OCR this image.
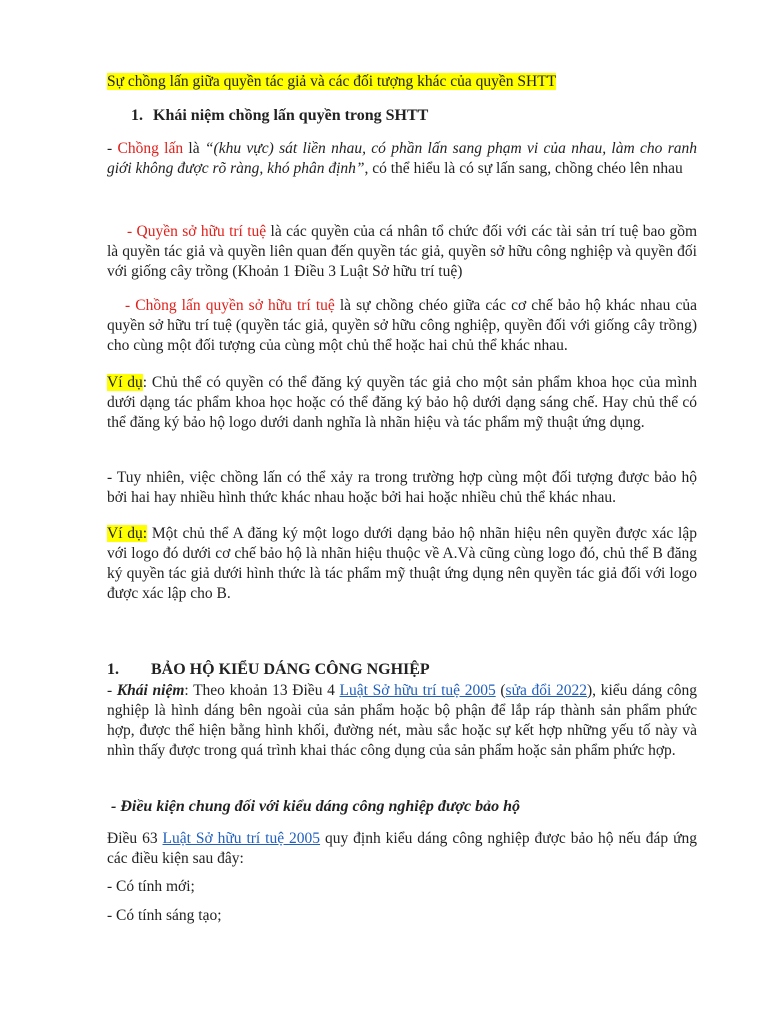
Sự chồng lấn giữa quyền tác giả và các đối tượng khác của quyền SHTT
1. Khái niệm chồng lấn quyền trong SHTT
- Chồng lấn là “(khu vực) sát liền nhau, có phần lấn sang phạm vi của nhau, làm cho ranh giới không được rõ ràng, khó phân định”, có thể hiểu là có sự lấn sang, chồng chéo lên nhau
- Quyền sở hữu trí tuệ là các quyền của cá nhân tổ chức đối với các tài sản trí tuệ bao gồm là quyền tác giả và quyền liên quan đến quyền tác giả, quyền sở hữu công nghiệp và quyền đối với giống cây trồng (Khoản 1 Điều 3 Luật Sở hữu trí tuệ)
- Chồng lấn quyền sở hữu trí tuệ là sự chồng chéo giữa các cơ chế bảo hộ khác nhau của quyền sở hữu trí tuệ (quyền tác giả, quyền sở hữu công nghiệp, quyền đối với giống cây trồng) cho cùng một đối tượng của cùng một chủ thể hoặc hai chủ thể khác nhau.
Ví dụ: Chủ thể có quyền có thể đăng ký quyền tác giả cho một sản phẩm khoa học của mình dưới dạng tác phẩm khoa học hoặc có thể đăng ký bảo hộ dưới dạng sáng chế. Hay chủ thể có thể đăng ký bảo hộ logo dưới danh nghĩa là nhãn hiệu và tác phẩm mỹ thuật ứng dụng.
- Tuy nhiên, việc chồng lấn có thể xảy ra trong trường hợp cùng một đối tượng được bảo hộ bởi hai hay nhiều hình thức khác nhau hoặc bởi hai hoặc nhiều chủ thể khác nhau.
Ví dụ: Một chủ thể A đăng ký một logo dưới dạng bảo hộ nhãn hiệu nên quyền được xác lập với logo đó dưới cơ chế bảo hộ là nhãn hiệu thuộc về A.Và cũng cùng logo đó, chủ thể B đăng ký quyền tác giả dưới hình thức là tác phẩm mỹ thuật ứng dụng nên quyền tác giả đối với logo được xác lập cho B.
1. BẢO HỘ KIỂU DÁNG CÔNG NGHIỆP
- Khái niệm: Theo khoản 13 Điều 4 Luật Sở hữu trí tuệ 2005 (sửa đổi 2022), kiểu dáng công nghiệp là hình dáng bên ngoài của sản phẩm hoặc bộ phận để lắp ráp thành sản phẩm phức hợp, được thể hiện bằng hình khối, đường nét, màu sắc hoặc sự kết hợp những yếu tố này và nhìn thấy được trong quá trình khai thác công dụng của sản phẩm hoặc sản phẩm phức hợp.
- Điều kiện chung đối với kiểu dáng công nghiệp được bảo hộ
Điều 63 Luật Sở hữu trí tuệ 2005 quy định kiểu dáng công nghiệp được bảo hộ nếu đáp ứng các điều kiện sau đây:
- Có tính mới;
- Có tính sáng tạo;
